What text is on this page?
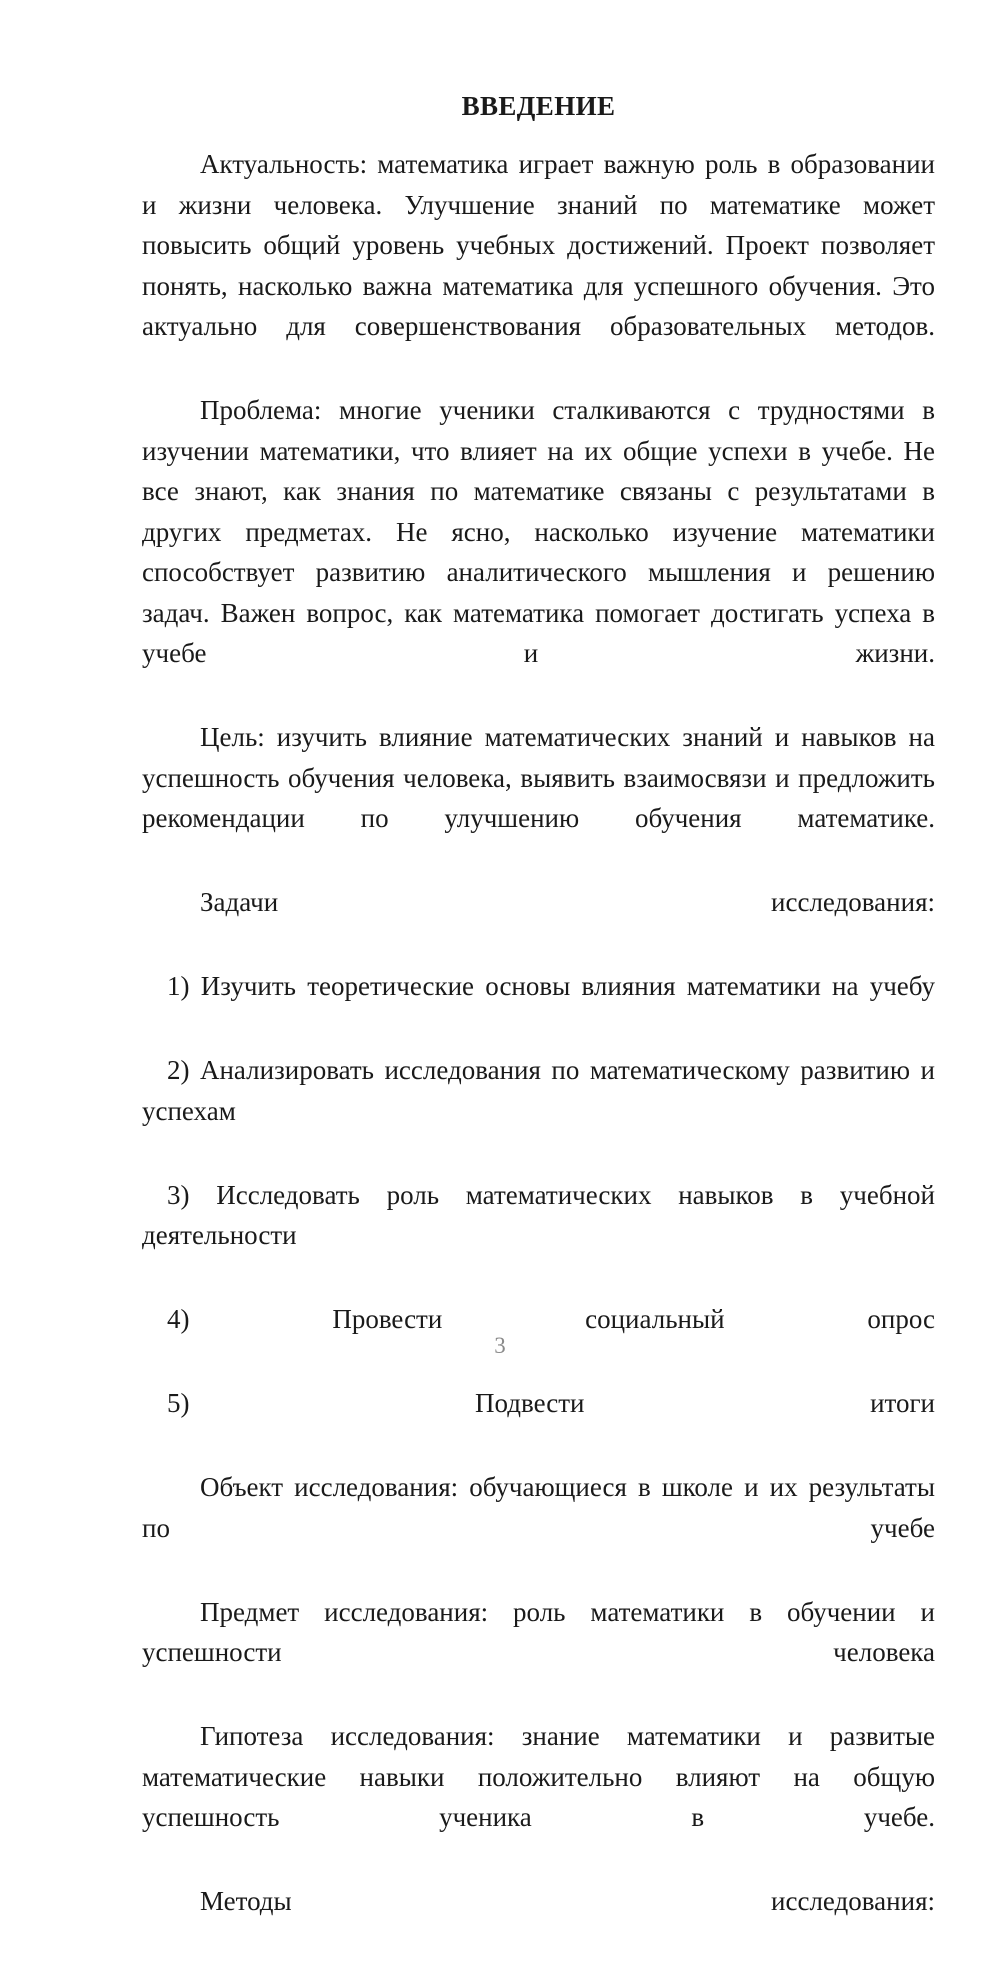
ВВЕДЕНИЕ

Актуальность: математика играет важную роль в образовании и жизни человека. Улучшение знаний по математике может повысить общий уровень учебных достижений. Проект позволяет понять, насколько важна математика для успешного обучения. Это актуально для совершенствования образовательных методов.

Проблема: многие ученики сталкиваются с трудностями в изучении математики, что влияет на их общие успехи в учебе. Не все знают, как знания по математике связаны с результатами в других предметах. Не ясно, насколько изучение математики способствует развитию аналитического мышления и решению задач. Важен вопрос, как математика помогает достигать успеха в учебе и жизни.

Цель: изучить влияние математических знаний и навыков на успешность обучения человека, выявить взаимосвязи и предложить рекомендации по улучшению обучения математике.

Задачи исследования:

1) Изучить теоретические основы влияния математики на учебу
2) Анализировать исследования по математическому развитию и успехам
3) Исследовать роль математических навыков в учебной деятельности
4) Провести социальный опрос
5) Подвести итоги

Объект исследования: обучающиеся в школе и их результаты по учебе

Предмет исследования: роль математики в обучении и успешности человека

Гипотеза исследования: знание математики и развитые математические навыки положительно влияют на общую успешность ученика в учебе.

Методы исследования:

3
